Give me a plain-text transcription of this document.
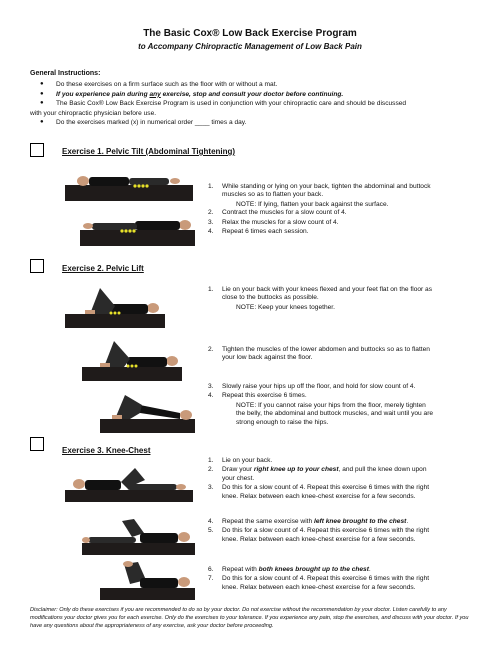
The Basic Cox® Low Back Exercise Program
to Accompany Chiropractic Management of Low Back Pain
General Instructions:
● Do these exercises on a firm surface such as the floor with or without a mat.
● If you experience pain during any exercise, stop and consult your doctor before continuing.
● The Basic Cox® Low Back Exercise Program is used in conjunction with your chiropractic care and should be discussed
with your chiropractic physician before use.
● Do the exercises marked (x) in numerical order ____ times a day.
Exercise 1. Pelvic Tilt (Abdominal Tightening)
1. While standing or lying on your back, tighten the abdominal and buttock
muscles so as to flatten your back.
NOTE: If lying, flatten your back against the surface.
2. Contract the muscles for a slow count of 4.
3. Relax the muscles for a slow count of 4.
4. Repeat 6 times each session.
Exercise 2. Pelvic Lift
1. Lie on your back with your knees flexed and your feet flat on the floor as
close to the buttocks as possible.
NOTE: Keep your knees together.
2. Tighten the muscles of the lower abdomen and buttocks so as to flatten
your low back against the floor.
3. Slowly raise your hips up off the floor, and hold for slow count of 4.
4. Repeat this exercise 6 times.
NOTE: If you cannot raise your hips from the floor, merely tighten
the belly, the abdominal and buttock muscles, and wait until you are
strong enough to raise the hips.
Exercise 3. Knee-Chest
1. Lie on your back.
2. Draw your right knee up to your chest, and pull the knee down upon
your chest.
3. Do this for a slow count of 4. Repeat this exercise 6 times with the right
knee. Relax between each knee-chest exercise for a few seconds.
4. Repeat the same exercise with left knee brought to the chest.
5. Do this for a slow count of 4. Repeat this exercise 6 times with the right
knee. Relax between each knee-chest exercise for a few seconds.
6. Repeat with both knees brought up to the chest.
7. Do this for a slow count of 4. Repeat this exercise 6 times with the right
knee. Relax between each knee-chest exercise for a few seconds.
Disclaimer: Only do these exercises if you are recommended to do so by your doctor. Do not exercise without the recommendation by your doctor. Listen carefully to any modifications your doctor gives you for each exercise. Only do the exercises to your tolerance. If you experience any pain, stop the exercises, and discuss with your doctor. If you have any questions about the appropriateness of any exercise, ask your doctor before proceeding.
